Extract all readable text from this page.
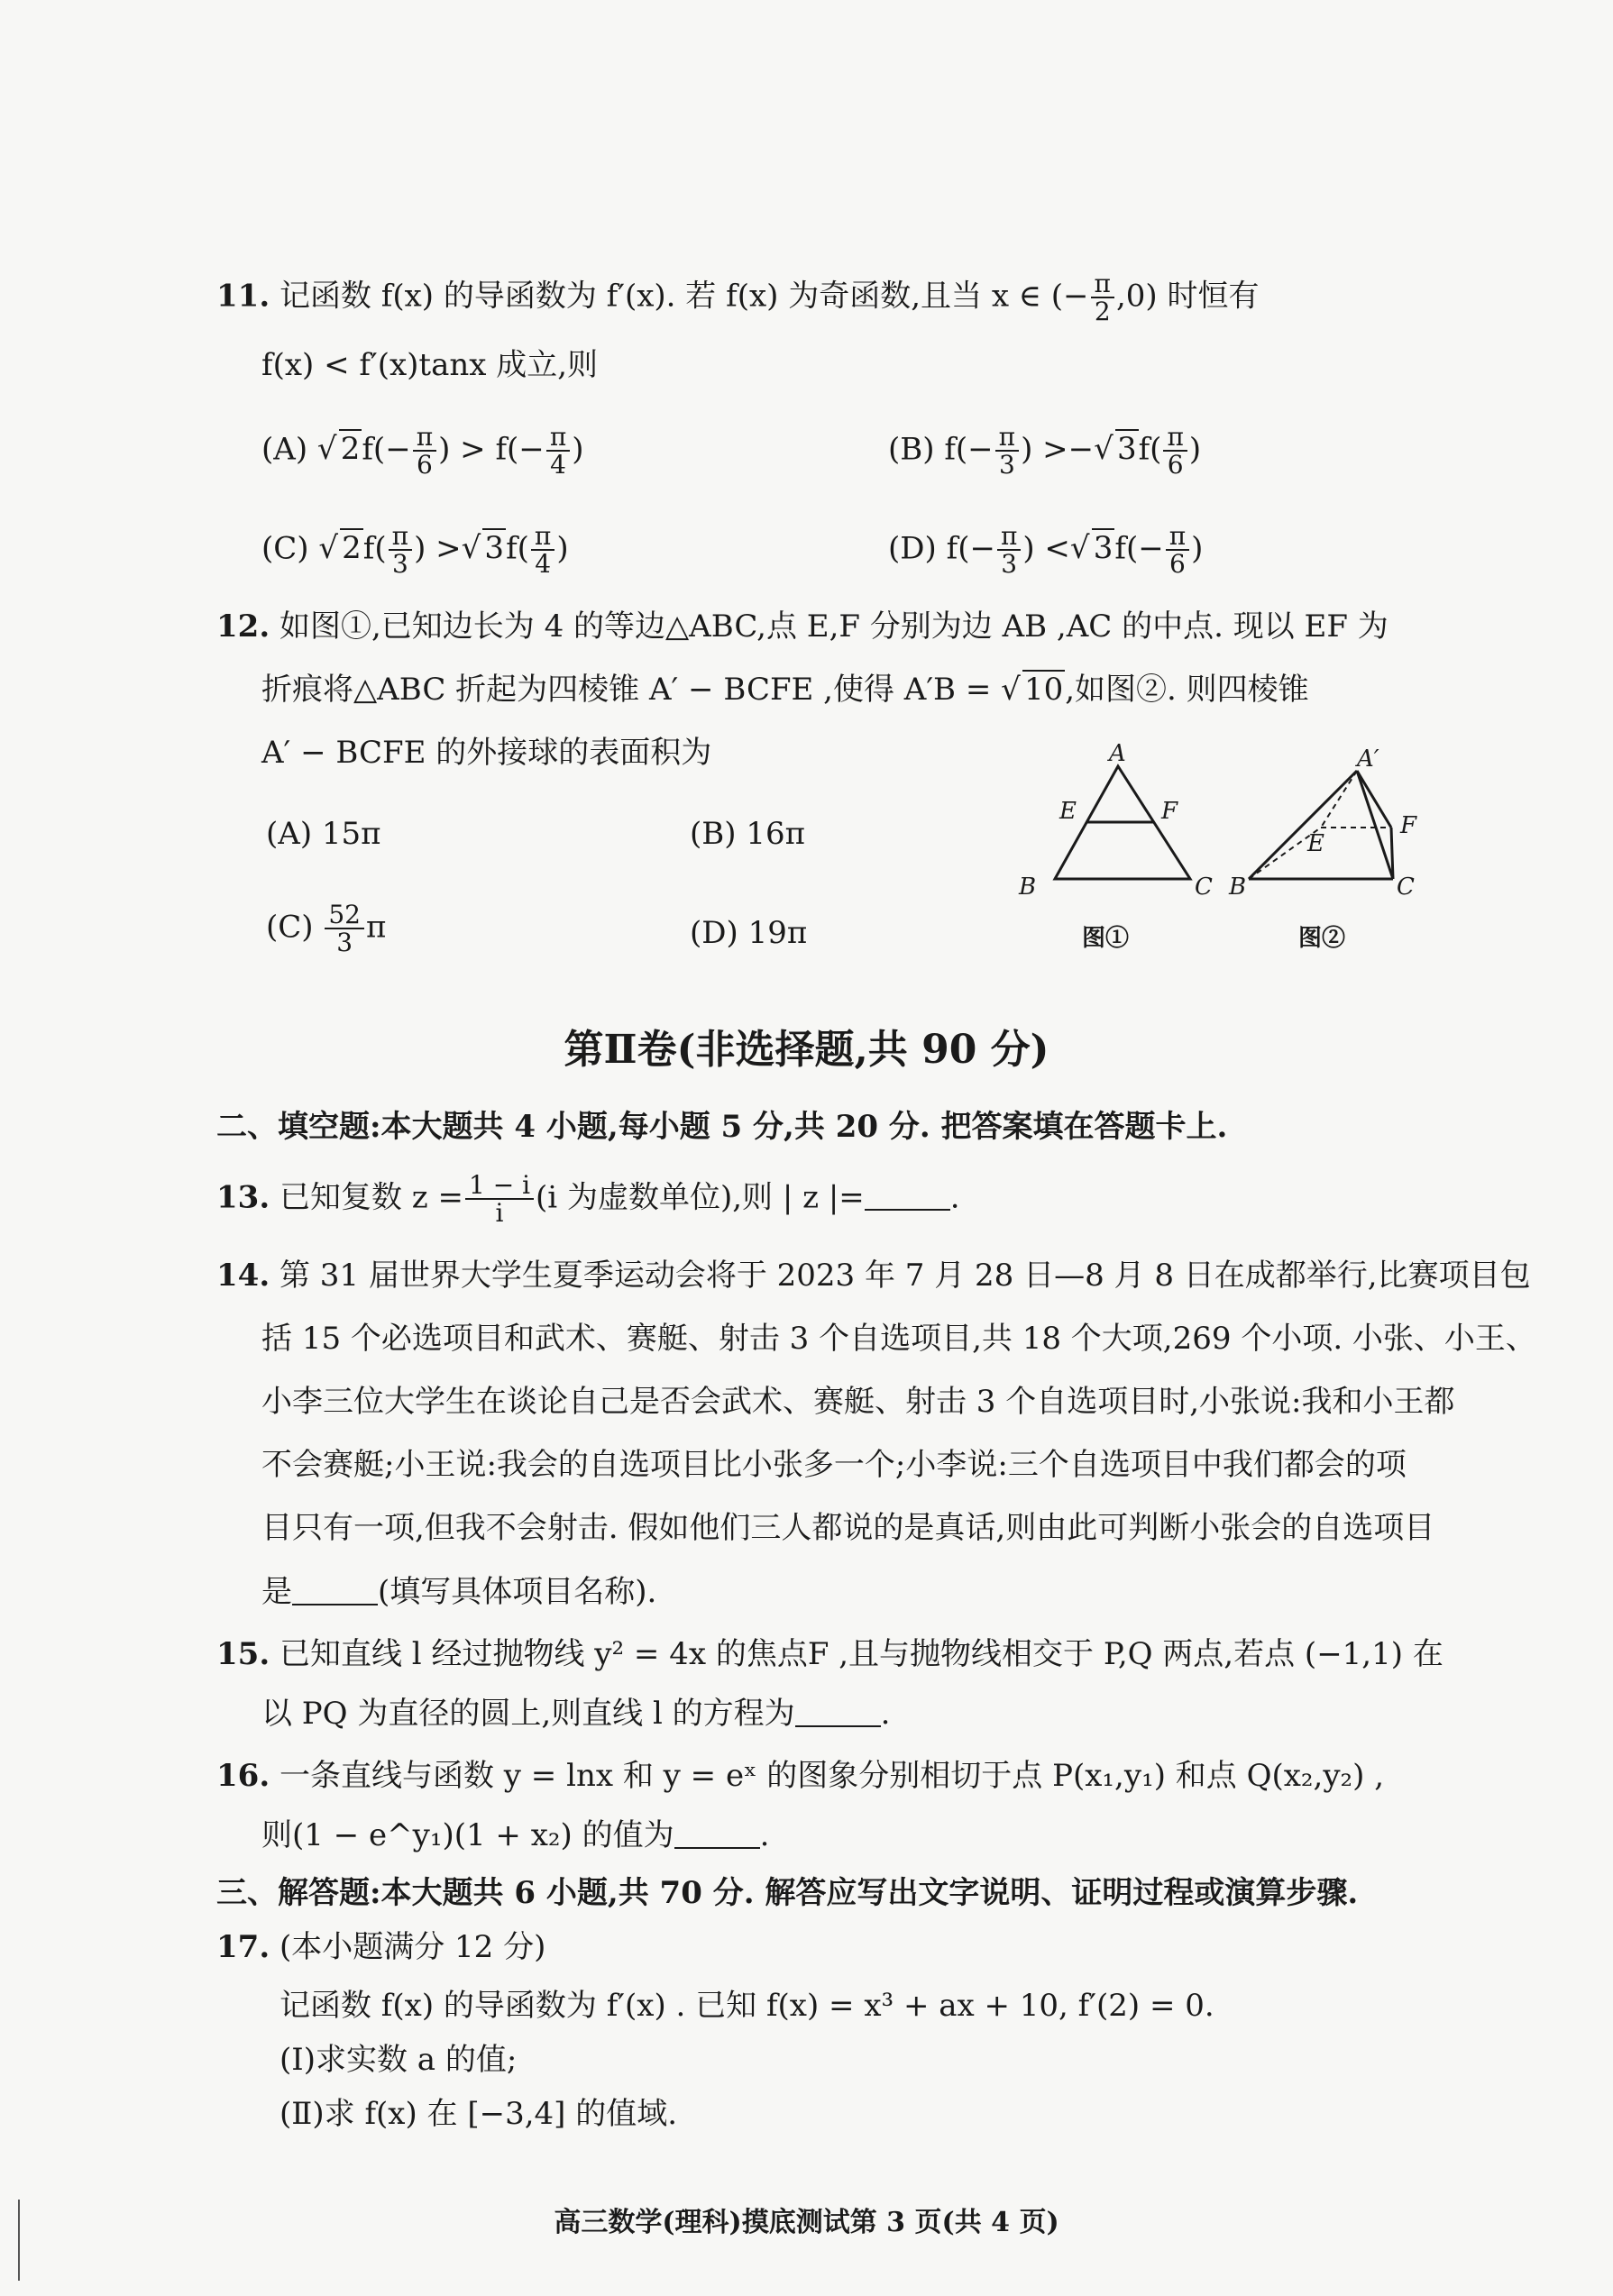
11. 记函数 f(x) 的导函数为 f′(x). 若 f(x) 为奇函数,且当 x ∈ (− $\frac{\pi}{2} ,0$) 时恒有
f(x) < f′(x)tanx 成立,则
(A) √ $2f(- \frac{\pi}{6}$ ) > $f(- \frac{\pi}{4}$ )	(B) $f(- \frac{\pi}{3}$ ) >− √ $3f( \frac{\pi}{6}$ )
(C) √ $2f( \frac{\pi}{3}$ ) > √ $3f( \frac{\pi}{4}$ )	(D) $f(- \frac{\pi}{3}$ ) < √ $3f(- \frac{\pi}{6}$ )
12. 如图①,已知边长为 4 的等边△ABC,点 E,F 分别为边 AB ,AC 的中点. 现以 EF 为
折痕将△ABC 折起为四棱锥 A′ − BCFE ,使得 A′B = √ 10,如图②. 则四棱锥
A′ − BCFE 的外接球的表面积为
(A) 15π	(B) 16π
$(C) \frac{52}{3}$ π	(D) 19π
A
E	F
B	C
图①
A′
E
F
B	C
图②
第Ⅱ卷(非选择题,共 90 分)
二、填空题:本大题共 4 小题,每小题 5 分,共 20 分. 把答案填在答题卡上.
13. 已知复数 $z = \frac{1 - i}{i} (i$ 为虚数单位),则 | z |=	.
14. 第 31 届世界大学生夏季运动会将于 2023 年 7 月 28 日—8 月 8 日在成都举行,比赛项目包
括 15 个必选项目和武术、赛艇、射击 3 个自选项目,共 18 个大项,269 个小项. 小张、小王、
小李三位大学生在谈论自己是否会武术、赛艇、射击 3 个自选项目时,小张说:我和小王都
不会赛艇;小王说:我会的自选项目比小张多一个;小李说:三个自选项目中我们都会的项
目只有一项,但我不会射击. 假如他们三人都说的是真话,则由此可判断小张会的自选项目
是	(填写具体项目名称).
15. 已知直线 l 经过抛物线 y² = 4x 的焦点F ,且与抛物线相交于 P,Q 两点,若点 (−1,1) 在
以 PQ 为直径的圆上,则直线 l 的方程为	.
16. 一条直线与函数 y = lnx 和 y = eˣ 的图象分别相切于点 P(x₁,y₁) 和点 Q(x₂,y₂) ,
则(1 − e^y₁)(1 + x₂) 的值为	.
三、解答题:本大题共 6 小题,共 70 分. 解答应写出文字说明、证明过程或演算步骤.
17. (本小题满分 12 分)
记函数 f(x) 的导函数为 f′(x) . 已知 f(x) = x³ + ax + 10, f′(2) = 0.
(Ⅰ)求实数 a 的值;
(Ⅱ)求 f(x) 在 [−3,4] 的值域.
高三数学(理科)摸底测试第 3 页(共 4 页)
